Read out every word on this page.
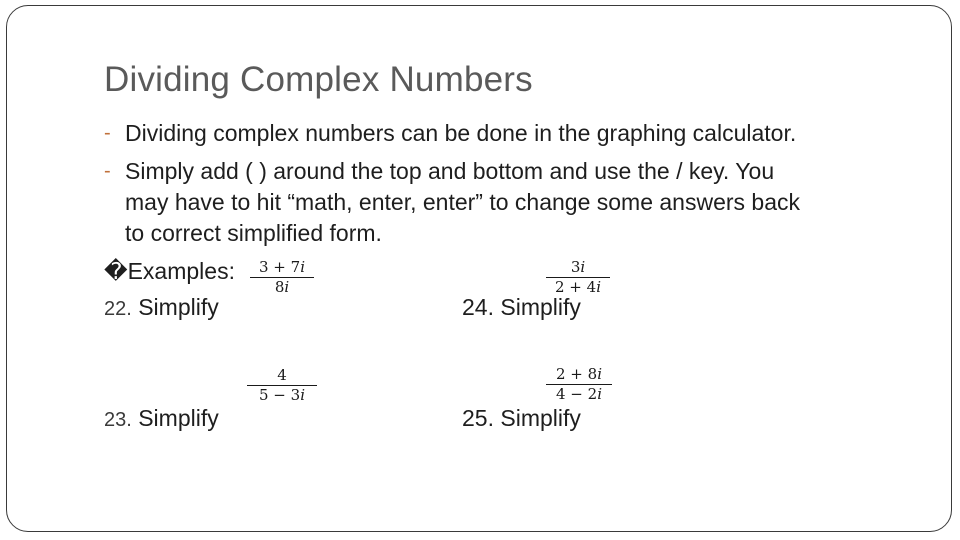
Dividing Complex Numbers
- Dividing complex numbers can be done in the graphing calculator.
- Simply add ( ) around the top and bottom and use the / key. You
may have to hit “math, enter, enter” to change some answers back
to correct simplified form.
�Examples:
22. Simplify
3 + 7i
8i
24. Simplify
3i
2 + 4i
23. Simplify
4
5 − 3i
25. Simplify
2 + 8i
4 − 2i
